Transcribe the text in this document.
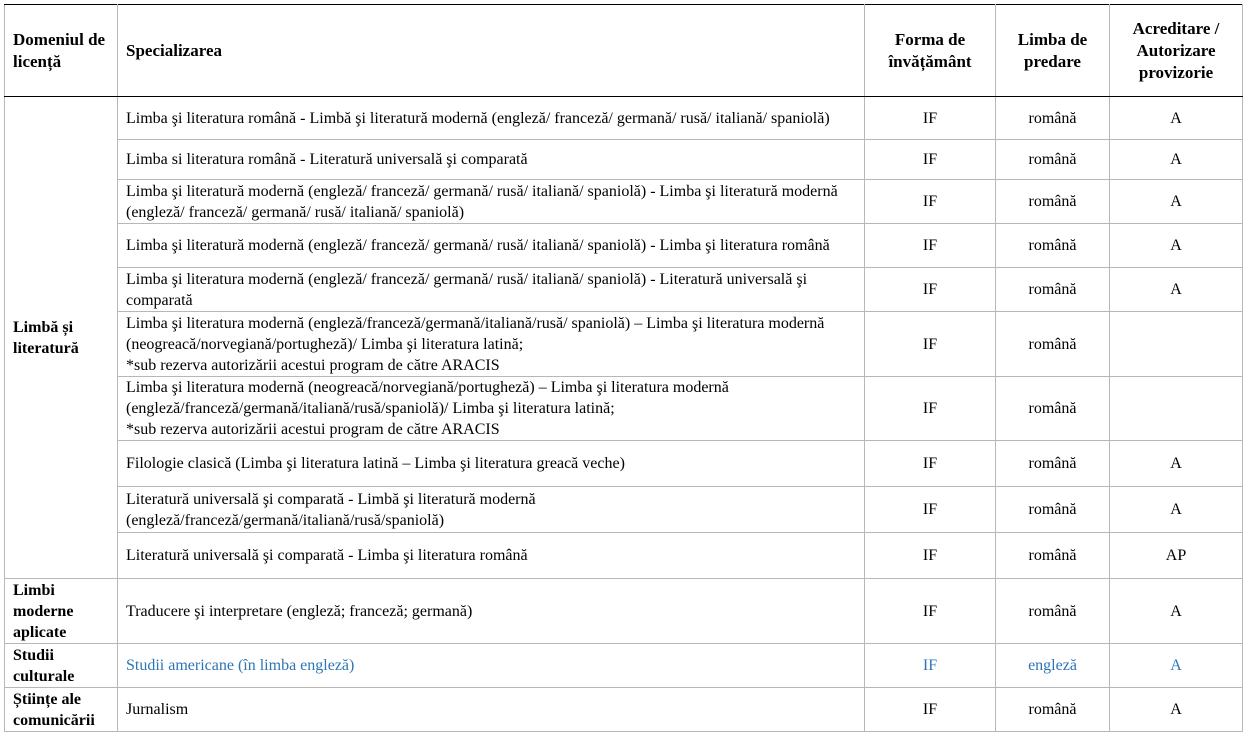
Domeniul de licență	Specializarea	Forma de învățământ	Limba de predare	Acreditare / Autorizare provizorie
Limbă și literatură	Limba şi literatura română - Limbă şi literatură modernă (engleză/ franceză/ germană/ rusă/ italiană/ spaniolă)	IF	română	A
	Limba si literatura română - Literatură universală şi comparată	IF	română	A
	Limba şi literatură modernă (engleză/ franceză/ germană/ rusă/ italiană/ spaniolă) - Limba şi literatură modernă (engleză/ franceză/ germană/ rusă/ italiană/ spaniolă)	IF	română	A
	Limba şi literatură modernă (engleză/ franceză/ germană/ rusă/ italiană/ spaniolă) - Limba şi literatura română	IF	română	A
	Limba şi literatura modernă (engleză/ franceză/ germană/ rusă/ italiană/ spaniolă) - Literatură universală şi comparată	IF	română	A

	Limba şi literatura modernă (engleză/franceză/germană/italiană/rusă/ spaniolă) – Limba şi literatura modernă (neogreacă/norvegiană/portugheză)/ Limba şi literatura latină;
*sub rezerva autorizării acestui program de către ARACIS	IF	română	

	Limba şi literatura modernă (neogreacă/norvegiană/portugheză) – Limba şi literatura modernă (engleză/franceză/germană/italiană/rusă/spaniolă)/ Limba şi literatura latină;
*sub rezerva autorizării acestui program de către ARACIS	IF	română	
	Filologie clasică (Limba şi literatura latină – Limba şi literatura greacă veche)	IF	română	A
	Literatură universală şi comparată - Limbă şi literatură modernă (engleză/franceză/germană/italiană/rusă/spaniolă)	IF	română	A
	Literatură universală şi comparată - Limba şi literatura română	IF	română	AP
Limbi moderne aplicate	Traducere şi interpretare (engleză; franceză; germană)	IF	română	A
Studii culturale	Studii americane (în limba engleză)	IF	engleză	A
Științe ale comunicării	Jurnalism	IF	română	A
